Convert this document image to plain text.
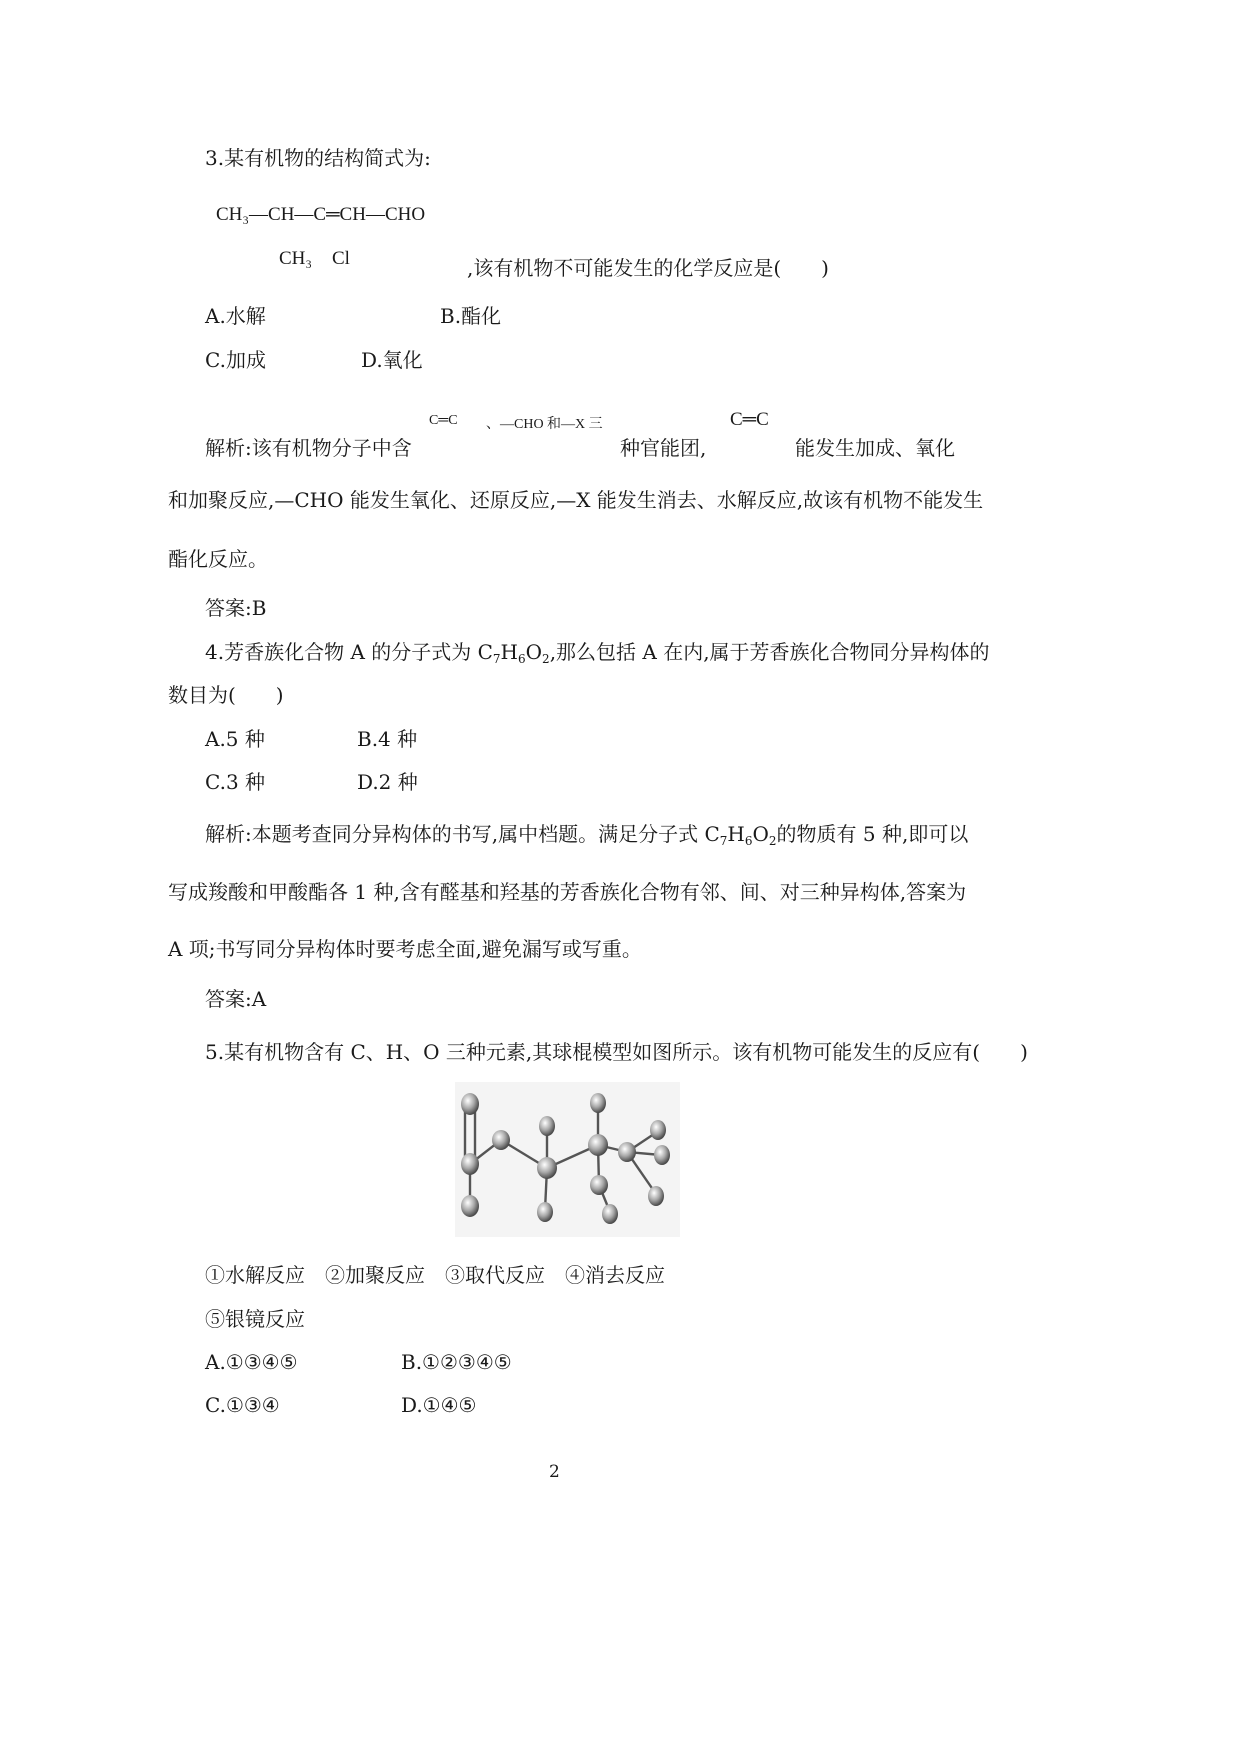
3.某有机物的结构简式为:
CH₃—CH—C═CH—CHO
CH₃ Cl	,该有机物不可能发生的化学反应是(　　)
A.水解	B.酯化
C.加成	D.氧化
解析:该有机物分子中含
C═C 、—CHO 和—X 三
种官能团,
C═C
能发生加成、氧化
和加聚反应,—CHO 能发生氧化、还原反应,—X 能发生消去、水解反应,故该有机物不能发生
酯化反应。
答案:B
4.芳香族化合物 A 的分子式为 $C_7H_6O_2$,那么包括 A 在内,属于芳香族化合物同分异构体的
数目为(　　)
A.5 种	B.4 种
C.3 种	D.2 种
解析:本题考查同分异构体的书写,属中档题。满足分子式 $C_7H_6O_2$的物质有 5 种,即可以
写成羧酸和甲酸酯各 1 种,含有醛基和羟基的芳香族化合物有邻、间、对三种异构体,答案为
A 项;书写同分异构体时要考虑全面,避免漏写或写重。
答案:A
5.某有机物含有 C、H、O 三种元素,其球棍模型如图所示。该有机物可能发生的反应有(　　)
①水解反应　②加聚反应　③取代反应　④消去反应
⑤银镜反应
A.①③④⑤	B.①②③④⑤
C.①③④	D.①④⑤
2
